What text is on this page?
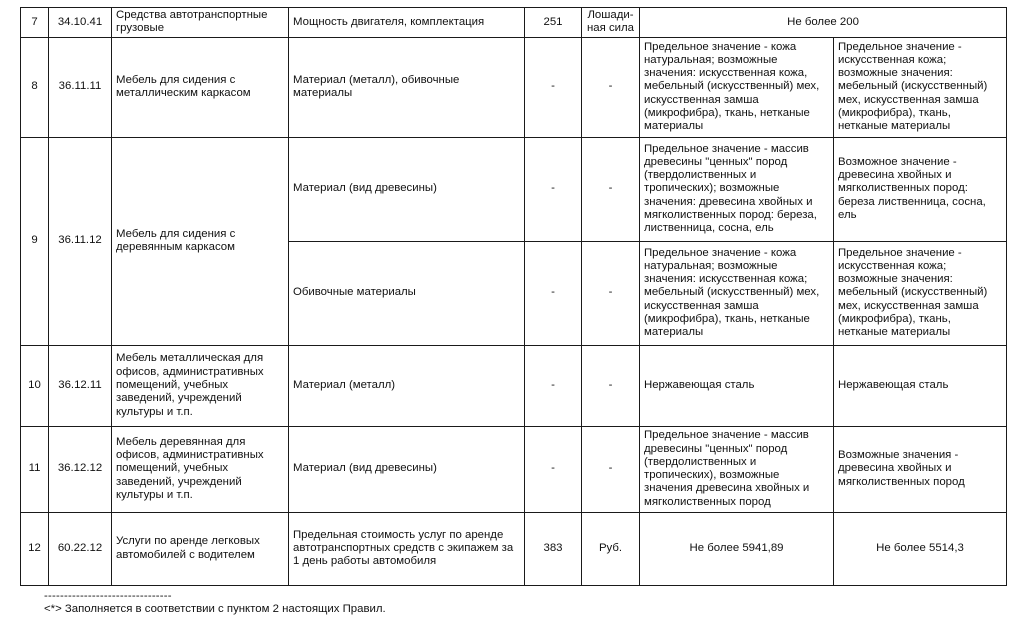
7	34.10.41	Средства автотранспортные грузовые	Мощность двигателя, комплектация	251	Лошади-ная сила	Не более 200	
8	36.11.11	Мебель для сидения с металлическим каркасом	Материал (металл), обивочные материалы	-	-	Предельное значение - кожа натуральная; возможные значения: искусственная кожа, мебельный (искусственный) мех, искусственная замша (микрофибра), ткань, нетканые материалы	Предельное значение - искусственная кожа; возможные значения: мебельный (искусственный) мех, искусственная замша (микрофибра), ткань, нетканые материалы
9	36.11.12	Мебель для сидения с деревянным каркасом	Материал (вид древесины)	-	-	Предельное значение - массив древесины "ценных" пород (твердолиственных и тропических); возможные значения: древесина хвойных и мягколиственных пород: береза, лиственница, сосна, ель	Возможное значение - древесина хвойных и мягколиственных пород: береза лиственница, сосна, ель
			Обивочные материалы	-	-	Предельное значение - кожа натуральная; возможные значения: искусственная кожа; мебельный (искусственный) мех, искусственная замша (микрофибра), ткань, нетканые материалы	Предельное значение - искусственная кожа; возможные значения: мебельный (искусственный) мех, искусственная замша (микрофибра), ткань, нетканые материалы
10	36.12.11	Мебель металлическая для офисов, административных помещений, учебных заведений, учреждений культуры и т.п.	Материал (металл)	-	-	Нержавеющая сталь	Нержавеющая сталь
11	36.12.12	Мебель деревянная для офисов, административных помещений, учебных заведений, учреждений культуры и т.п.	Материал (вид древесины)	-	-	Предельное значение - массив древесины "ценных" пород (твердолиственных и тропических), возможные значения древесина хвойных и мягколиственных пород	Возможные значения - древесина хвойных и мягколиственных пород
12	60.22.12	Услуги по аренде легковых автомобилей с водителем	Предельная стоимость услуг по аренде автотранспортных средств с экипажем за 1 день работы автомобиля	383	Руб.	Не более 5941,89	Не более 5514,3
--------------------------------
<*> Заполняется в соответствии с пунктом 2 настоящих Правил.
